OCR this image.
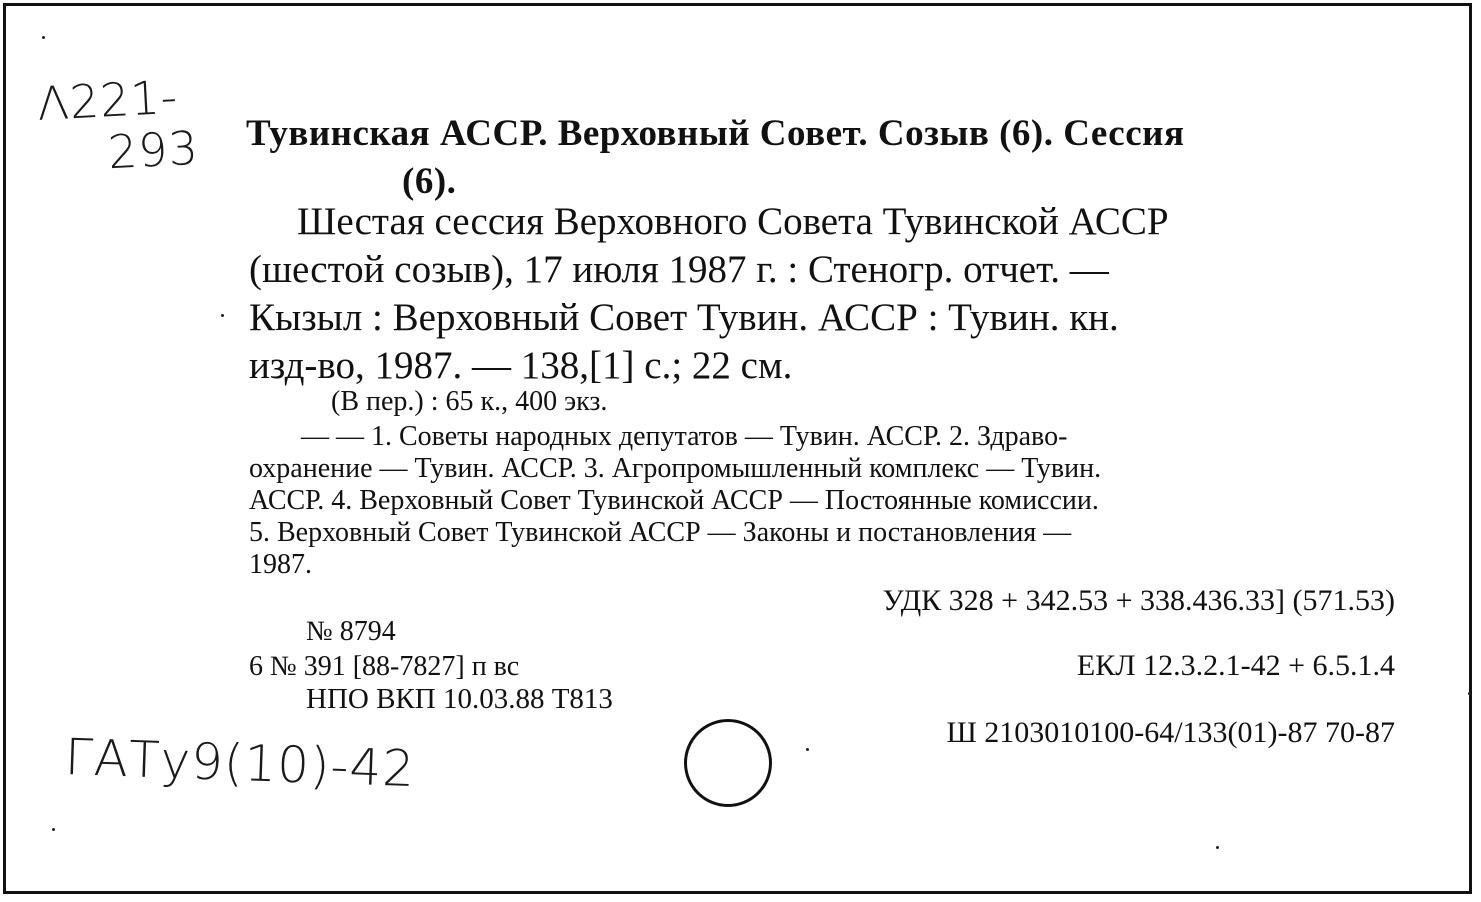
Λ221-
293 Тувинская АССР. Верховный Совет. Созыв (6). Сессия
(6).
Шестая сессия Верховного Совета Тувинской АССР
(шестой созыв), 17 июля 1987 г. : Стеногр. отчет. —
Кызыл : Верховный Совет Тувин. АССР : Тувин. кн.
изд-во, 1987. — 138,[1] с.; 22 см.
(В пер.) : 65 к., 400 экз.
— — 1. Советы народных депутатов — Тувин. АССР. 2. Здраво-
охранение — Тувин. АССР. 3. Агропромышленный комплекс — Тувин.
АССР. 4. Верховный Совет Тувинской АССР — Постоянные комиссии.
5. Верховный Совет Тувинской АССР — Законы и постановления —
1987.
УДК 328 + 342.53 + 338.436.33] (571.53)
№ 8794
6 № 391 [88-7827] п вс
НПО ВКП 10.03.88 Т813
ЕКЛ 12.3.2.1-42 + 6.5.1.4
Ш 2103010100-64/133(01)-87 70-87
ΓΑΤy9(10)-42
